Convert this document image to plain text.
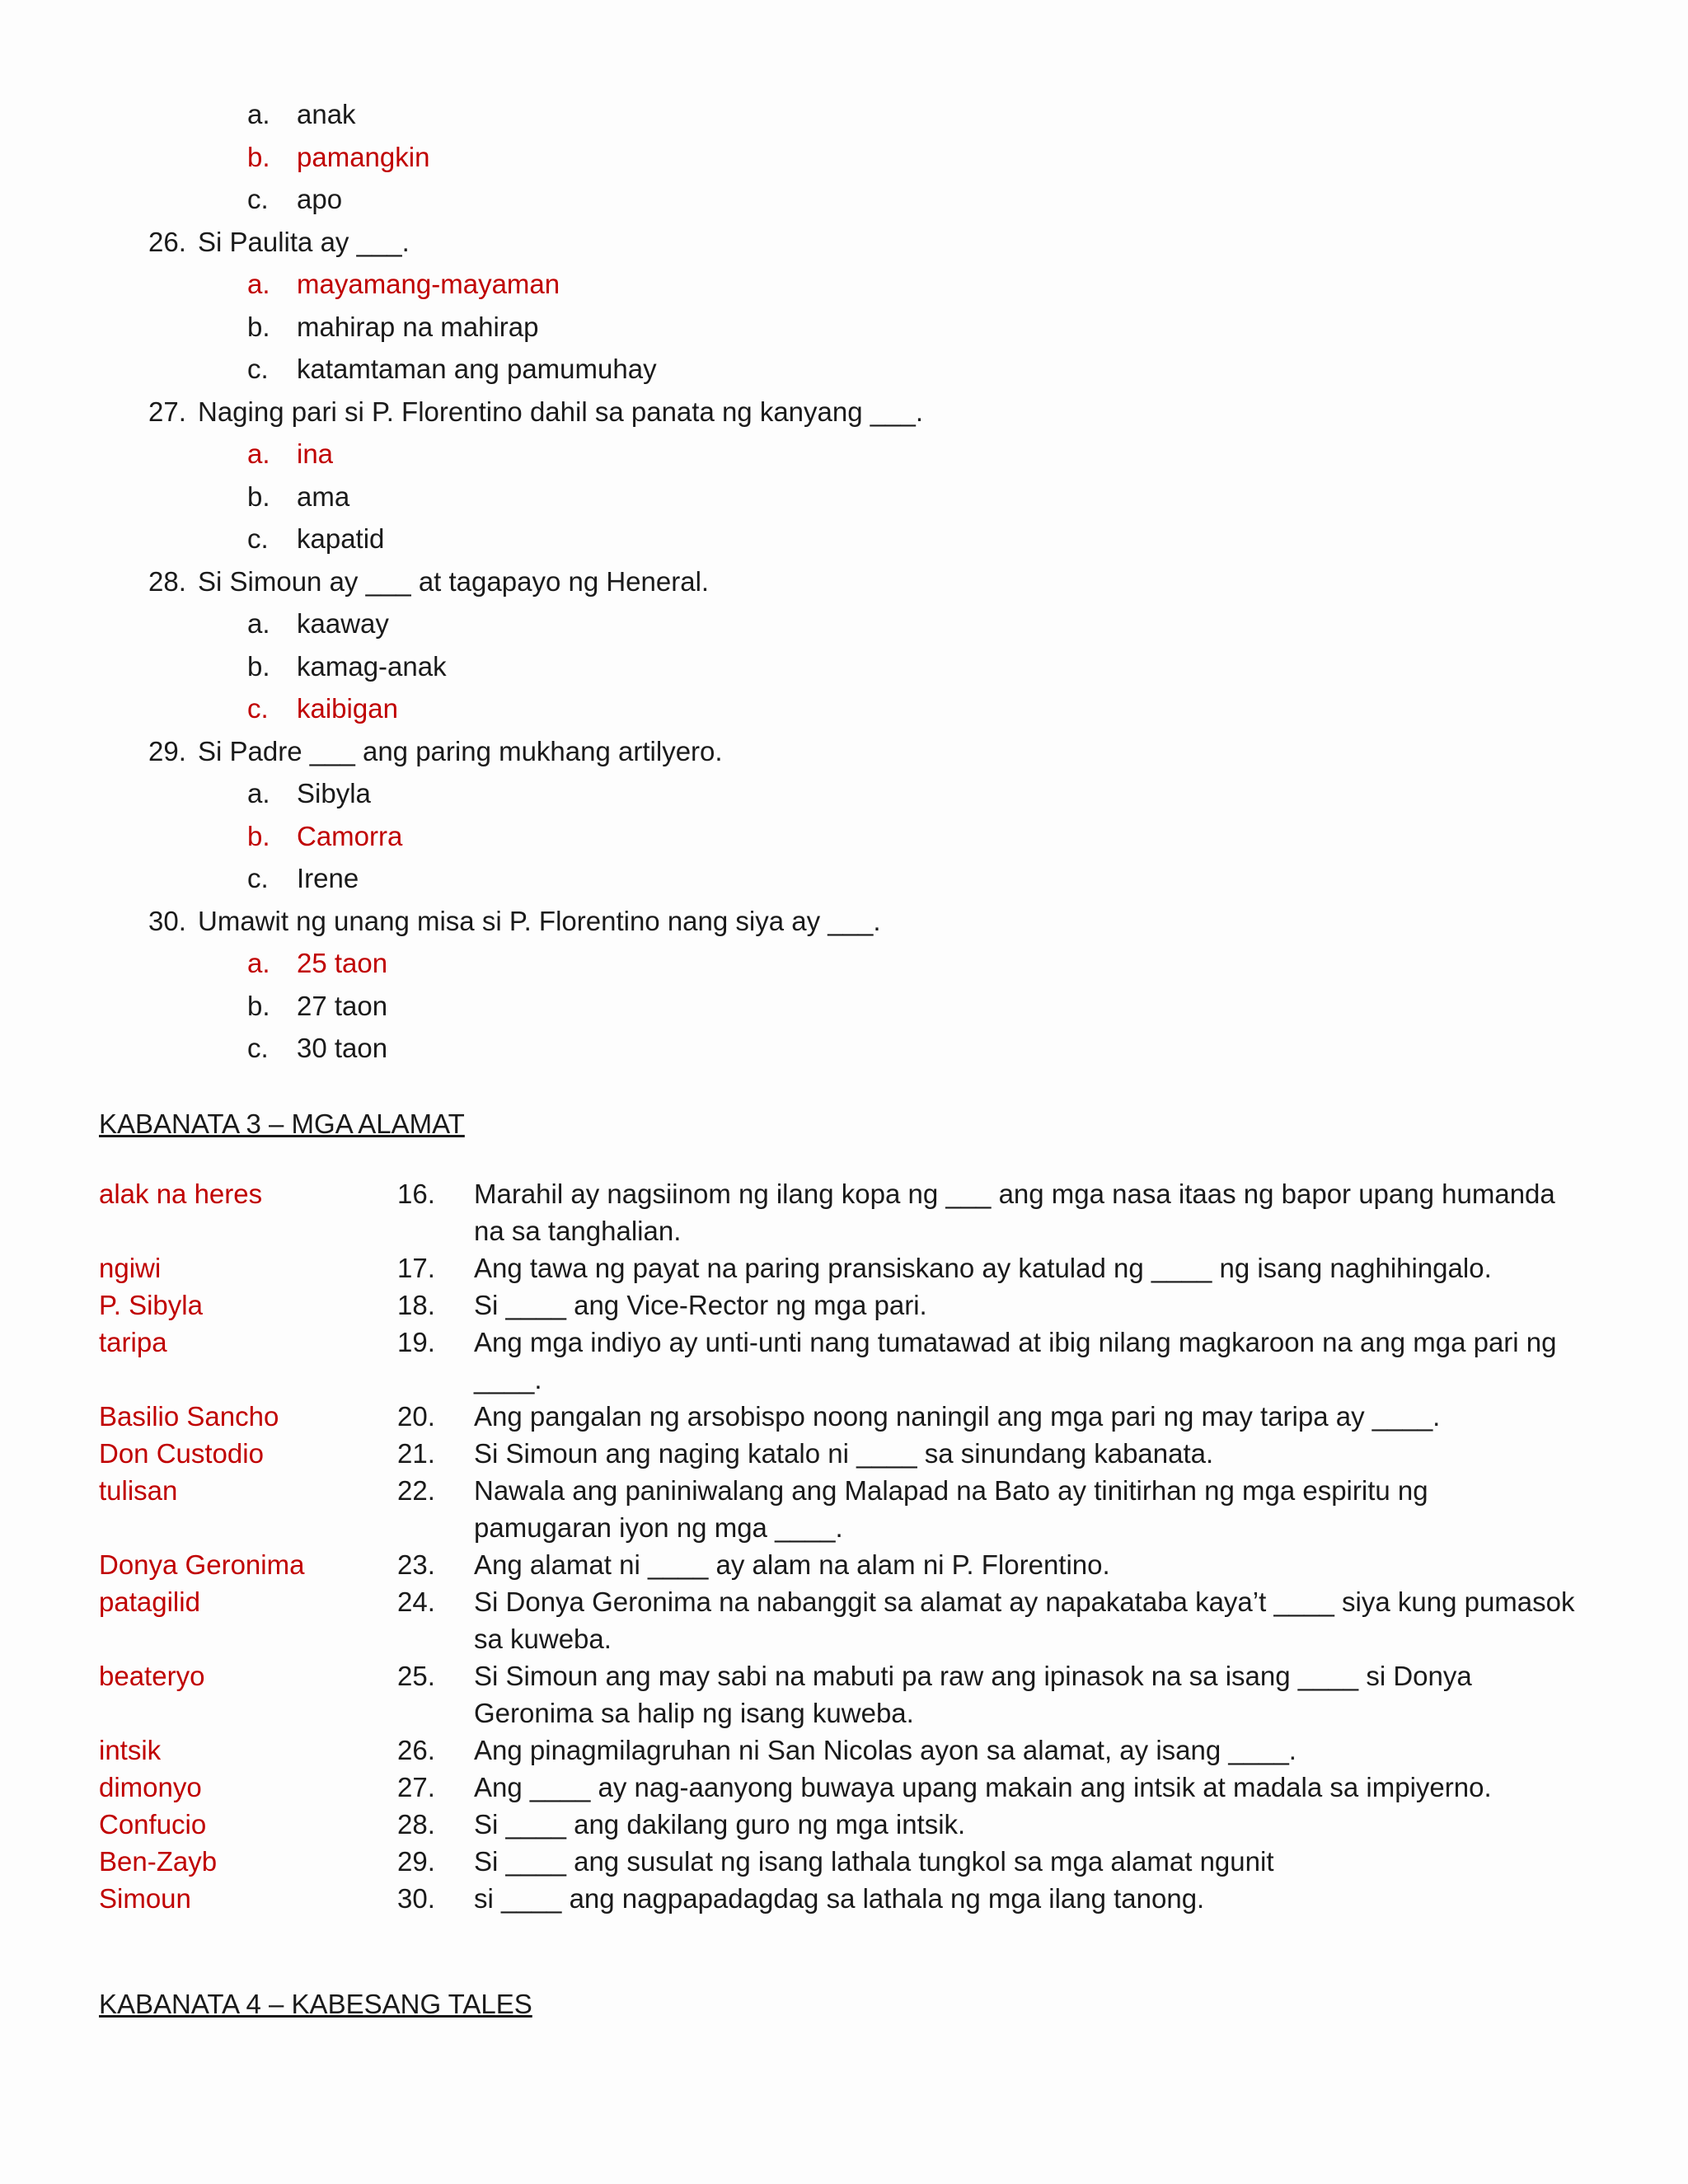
a. anak
b. pamangkin
c. apo
26. Si Paulita ay ___.
a. mayamang-mayaman
b. mahirap na mahirap
c. katamtaman ang pamumuhay
27. Naging pari si P. Florentino dahil sa panata ng kanyang ___.
a. ina
b. ama
c. kapatid
28. Si Simoun ay ___ at tagapayo ng Heneral.
a. kaaway
b. kamag-anak
c. kaibigan
29. Si Padre ___ ang paring mukhang artilyero.
a. Sibyla
b. Camorra
c. Irene
30. Umawit ng unang misa si P. Florentino nang siya ay ___.
a. 25 taon
b. 27 taon
c. 30 taon
KABANATA 3 – MGA ALAMAT
alak na heres	16. Marahil ay nagsiinom ng ilang kopa ng ___ ang mga nasa itaas ng bapor upang humanda
na sa tanghalian.
ngiwi	17. Ang tawa ng payat na paring pransiskano ay katulad ng ____ ng isang naghihingalo.
P. Sibyla	18. Si ____ ang Vice-Rector ng mga pari.
taripa	19. Ang mga indiyo ay unti-unti nang tumatawad at ibig nilang magkaroon na ang mga pari ng
____.
Basilio Sancho	20. Ang pangalan ng arsobispo noong naningil ang mga pari ng may taripa ay ____.
Don Custodio	21. Si Simoun ang naging katalo ni ____ sa sinundang kabanata.
tulisan	22. Nawala ang paniniwalang ang Malapad na Bato ay tinitirhan ng mga espiritu ng
pamugaran iyon ng mga ____.
Donya Geronima	23. Ang alamat ni ____ ay alam na alam ni P. Florentino.
patagilid	24. Si Donya Geronima na nabanggit sa alamat ay napakataba kaya’t ____ siya kung pumasok
sa kuweba.
beateryo	25. Si Simoun ang may sabi na mabuti pa raw ang ipinasok na sa isang ____ si Donya
Geronima sa halip ng isang kuweba.
intsik	26. Ang pinagmilagruhan ni San Nicolas ayon sa alamat, ay isang ____.
dimonyo	27. Ang ____ ay nag-aanyong buwaya upang makain ang intsik at madala sa impiyerno.
Confucio	28. Si ____ ang dakilang guro ng mga intsik.
Ben-Zayb	29. Si ____ ang susulat ng isang lathala tungkol sa mga alamat ngunit
Simoun	30. si ____ ang nagpapadagdag sa lathala ng mga ilang tanong.
KABANATA 4 – KABESANG TALES
